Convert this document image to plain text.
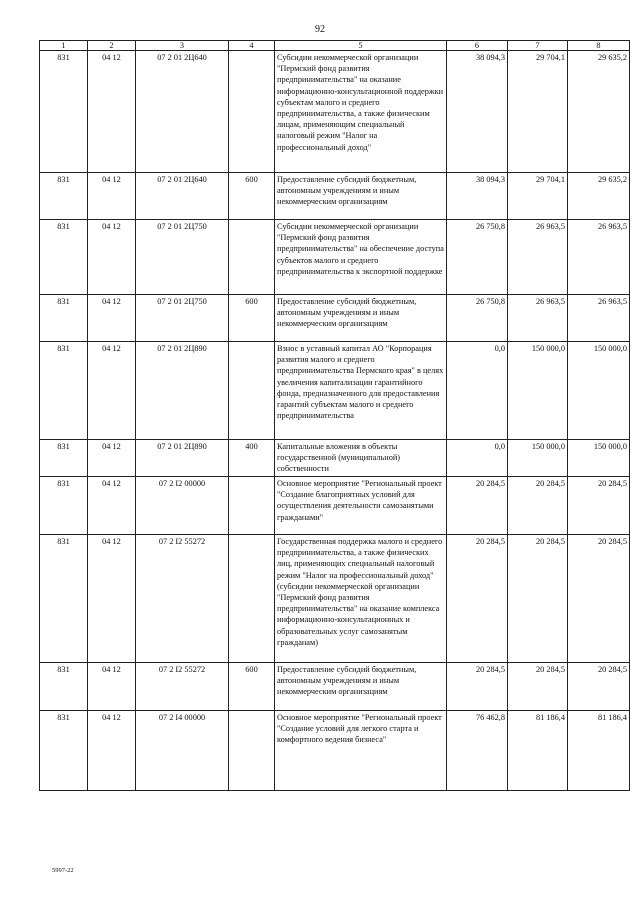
92
1	2	3	4	5	6	7	8
831	04 12	07 2 01 2Ц640		Субсидии некоммерческой организации "Пермский фонд развития предпринимательства" на оказание информационно-консультационной поддержки субъектам малого и среднего предпринимательства, а также физическим лицам, применяющим специальный налоговый режим "Налог на профессиональный доход"	38 094,3	29 704,1	29 635,2
831	04 12	07 2 01 2Ц640	600	Предоставление субсидий бюджетным, автономным учреждениям и иным некоммерческим организациям	38 094,3	29 704,1	29 635,2
831	04 12	07 2 01 2Ц750		Субсидии некоммерческой организации "Пермский фонд развития предпринимательства" на обеспечение доступа субъектов малого и среднего предпринимательства к экспортной поддержке	26 750,8	26 963,5	26 963,5
831	04 12	07 2 01 2Ц750	600	Предоставление субсидий бюджетным, автономным учреждениям и иным некоммерческим организациям	26 750,8	26 963,5	26 963,5
831	04 12	07 2 01 2Ц890		Взнос в уставный капитал АО "Корпорация развития малого и среднего предпринимательства Пермского края" в целях увеличения капитализации гарантийного фонда, предназначенного для предоставления гарантий субъектам малого и среднего предпринимательства	0,0	150 000,0	150 000,0
831	04 12	07 2 01 2Ц890	400	Капитальные вложения в объекты государственной (муниципальной) собственности	0,0	150 000,0	150 000,0
831	04 12	07 2 I2 00000		Основное мероприятие "Региональный проект "Создание благоприятных условий для осуществления деятельности самозанятыми гражданами"	20 284,5	20 284,5	20 284,5
831	04 12	07 2 I2 55272		Государственная поддержка малого и среднего предпринимательства, а также физических лиц, применяющих специальный налоговый режим "Налог на профессиональный доход" (субсидии некоммерческой организации "Пермский фонд развития предпринимательства" на оказание комплекса информационно-консультационных и образовательных услуг самозанятым гражданам)	20 284,5	20 284,5	20 284,5
831	04 12	07 2 I2 55272	600	Предоставление субсидий бюджетным, автономным учреждениям и иным некоммерческим организациям	20 284,5	20 284,5	20 284,5
831	04 12	07 2 I4 00000		Основное мероприятие "Региональный проект "Создание условий для легкого старта и комфортного ведения бизнеса"	76 462,8	81 186,4	81 186,4
5997-22
